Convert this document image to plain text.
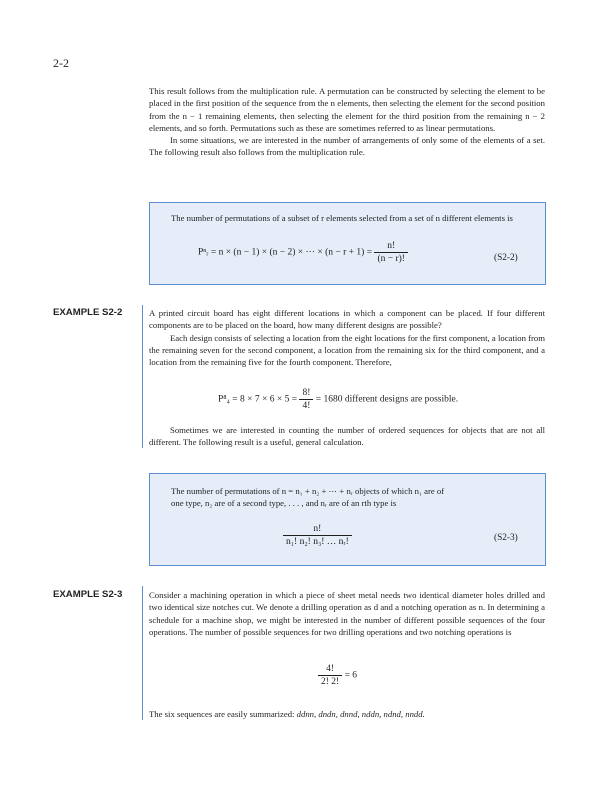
2-2

This result follows from the multiplication rule. A permutation can be constructed by selecting the element to be placed in the first position of the sequence from the n elements, then selecting the element for the second position from the n − 1 remaining elements, then selecting the element for the third position from the remaining n − 2 elements, and so forth. Permutations such as these are sometimes referred to as linear permutations.

In some situations, we are interested in the number of arrangements of only some of the elements of a set. The following result also follows from the multiplication rule.

The number of permutations of a subset of r elements selected from a set of n different elements is
Pⁿᵣ = n × (n − 1) × (n − 2) × ⋯ × $(n - r + 1) = \frac{n!}{(n - r)!}$	(S2-2)
EXAMPLE S2-2	A printed circuit board has eight different locations in which a component can be placed. If four different components are to be placed on the board, how many different designs are possible?

Each design consists of selecting a location from the eight locations for the first component, a location from the remaining seven for the second component, a location from the remaining six for the third component, and a location from the remaining five for the fourth component. Therefore,

$P^8_4 = 8 \times 7 \times 6 \times 5 = \frac{8!}{4!} = 1680$ different designs are possible.

Sometimes we are interested in counting the number of ordered sequences for objects that are not all different. The following result is a useful, general calculation.

The number of permutations of n = n₁ + n₂ + ⋯ + nᵣ objects of which n₁ are of
one type, n₂ are of a second type, . . . , and nᵣ are of an rth type is
$\frac{n!}{\text{n₁! n₂! n₃! … nᵣ!}}$	(S2-3)
EXAMPLE S2-3	Consider a machining operation in which a piece of sheet metal needs two identical diameter holes drilled and two identical size notches cut. We denote a drilling operation as d and a notching operation as n. In determining a schedule for a machine shop, we might be interested in the number of different possible sequences of the four operations. The number of possible sequences for two drilling operations and two notching operations is

$\frac{4!}{2! 2!} = 6$
The six sequences are easily summarized: ddnn, dndn, dnnd, nddn, ndnd, nndd.
